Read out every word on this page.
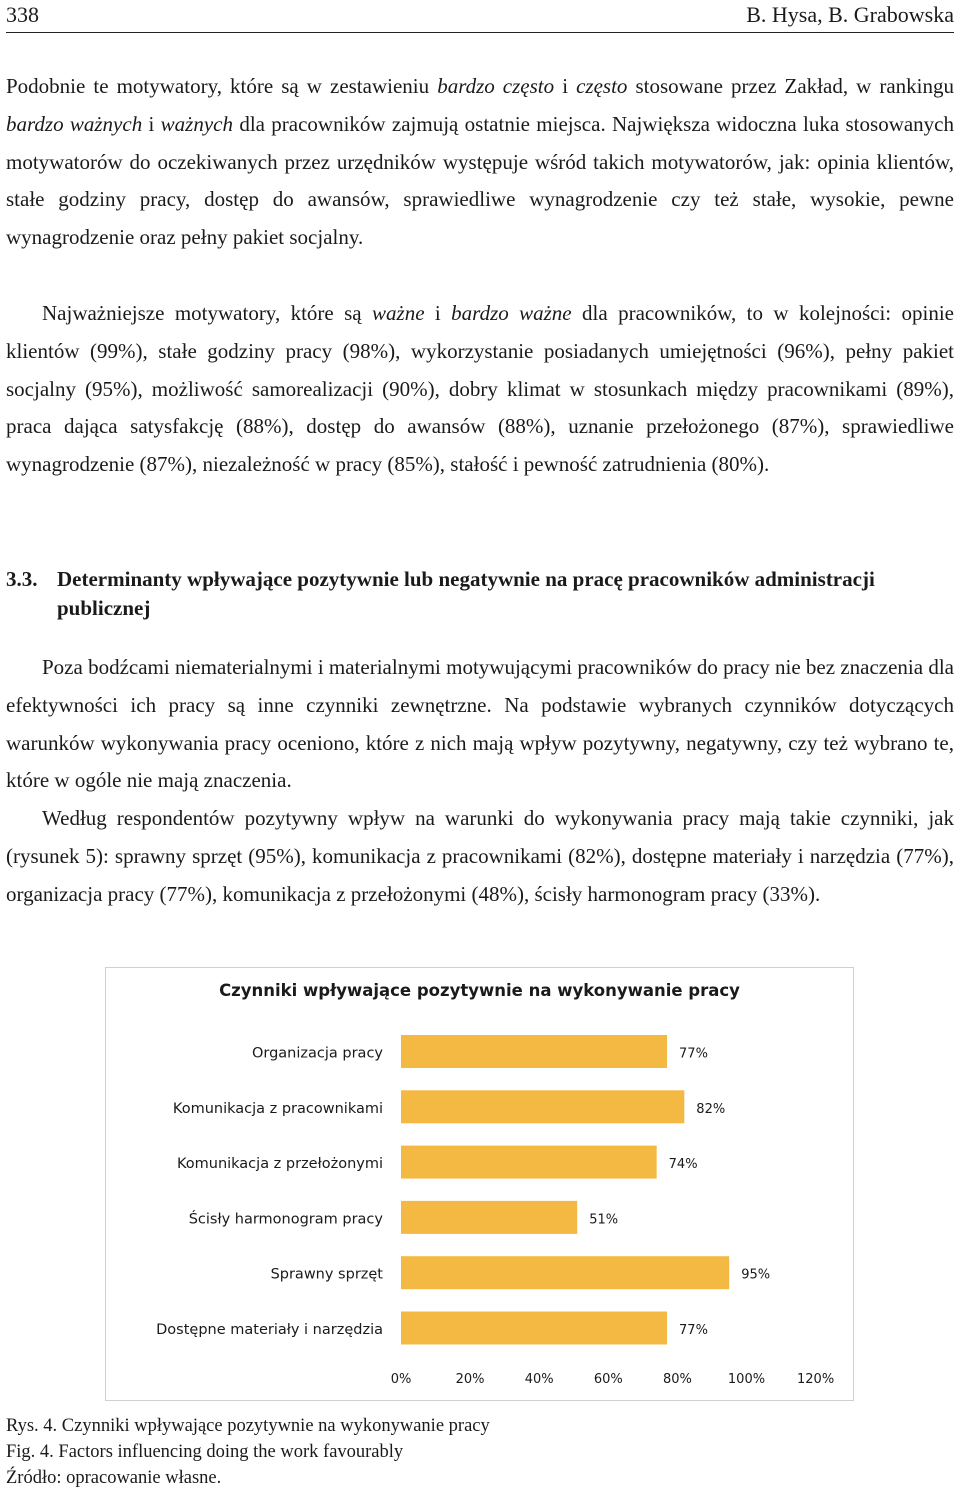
338	B. Hysa, B. Grabowska

Podobnie te motywatory, które są w zestawieniu bardzo często i często stosowane przez Zakład, w rankingu bardzo ważnych i ważnych dla pracowników zajmują ostatnie miejsca. Największa widoczna luka stosowanych motywatorów do oczekiwanych przez urzędników występuje wśród takich motywatorów, jak: opinia klientów, stałe godziny pracy, dostęp do awansów, sprawiedliwe wynagrodzenie czy też stałe, wysokie, pewne wynagrodzenie oraz pełny pakiet socjalny.

Najważniejsze motywatory, które są ważne i bardzo ważne dla pracowników, to w kolejności: opinie klientów (99%), stałe godziny pracy (98%), wykorzystanie posiadanych umiejętności (96%), pełny pakiet socjalny (95%), możliwość samorealizacji (90%), dobry klimat w stosunkach między pracownikami (89%), praca dająca satysfakcję (88%), dostęp do awansów (88%), uznanie przełożonego (87%), sprawiedliwe wynagrodzenie (87%), niezależność w pracy (85%), stałość i pewność zatrudnienia (80%).

3.3. Determinanty wpływające pozytywnie lub negatywnie na pracę pracowników administracji publicznej

Poza bodźcami niematerialnymi i materialnymi motywującymi pracowników do pracy nie bez znaczenia dla efektywności ich pracy są inne czynniki zewnętrzne. Na podstawie wybranych czynników dotyczących warunków wykonywania pracy oceniono, które z nich mają wpływ pozytywny, negatywny, czy też wybrano te, które w ogóle nie mają znaczenia.

Według respondentów pozytywny wpływ na warunki do wykonywania pracy mają takie czynniki, jak (rysunek 5): sprawny sprzęt (95%), komunikacja z pracownikami (82%), dostępne materiały i narzędzia (77%), organizacja pracy (77%), komunikacja z przełożonymi (48%), ścisły harmonogram pracy (33%).

Czynniki wpływające pozytywnie na wykonywanie pracy
Organizacja pracy	77%
Komunikacja z pracownikami	82%
Komunikacja z przełożonymi	74%
Ścisły harmonogram pracy	51%
Sprawny sprzęt	95%
Dostępne materiały i narzędzia	77%
0%	20%	40%	60%	80%	100% 120%

Rys. 4. Czynniki wpływające pozytywnie na wykonywanie pracy

Fig. 4. Factors influencing doing the work favourably

Źródło: opracowanie własne.
